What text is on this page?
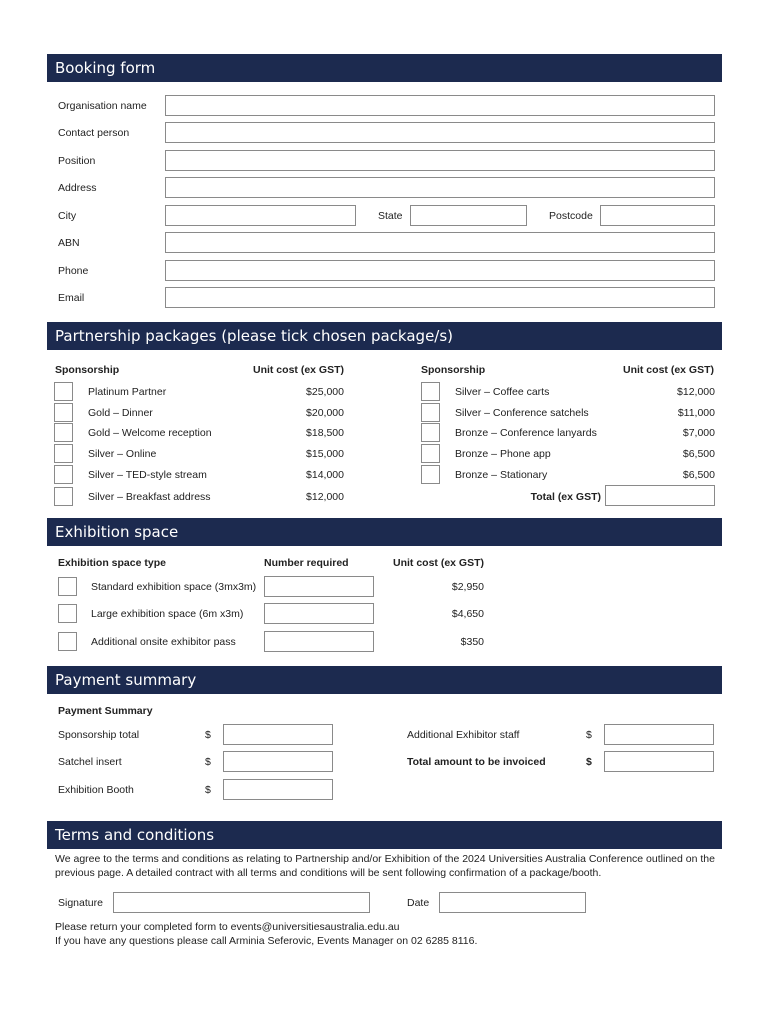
Booking form
Organisation name
Contact person
Position
Address
City	State	Postcode
ABN
Phone
Email
Partnership packages (please tick chosen package/s)
Sponsorship	Unit cost (ex GST)	Sponsorship	Unit cost (ex GST)
Platinum Partner	$25,000
Gold – Dinner	$20,000
Gold – Welcome reception	$18,500
Silver – Online	$15,000
Silver – TED-style stream	$14,000
Silver – Breakfast address	$12,000
Silver – Coffee carts	$12,000
Silver – Conference satchels	$11,000
Bronze – Conference lanyards	$7,000
Bronze – Phone app	$6,500
Bronze – Stationary	$6,500
Total (ex GST)
Exhibition space
Exhibition space type	Number required	Unit cost (ex GST)
Standard exhibition space (3mx3m)	$2,950
Large exhibition space (6m x3m)	$4,650
Additional onsite exhibitor pass	$350
Payment summary
Payment Summary
Sponsorship total	$
Satchel insert	$
Exhibition Booth	$
Additional Exhibitor staff	$
Total amount to be invoiced	$
Terms and conditions
We agree to the terms and conditions as relating to Partnership and/or Exhibition of the 2024 Universities Australia Conference outlined on the previous page. A detailed contract with all terms and conditions will be sent following confirmation of a package/booth.
Signature	Date
Please return your completed form to events@universitiesaustralia.edu.au
If you have any questions please call Arminia Seferovic, Events Manager on 02 6285 8116.
